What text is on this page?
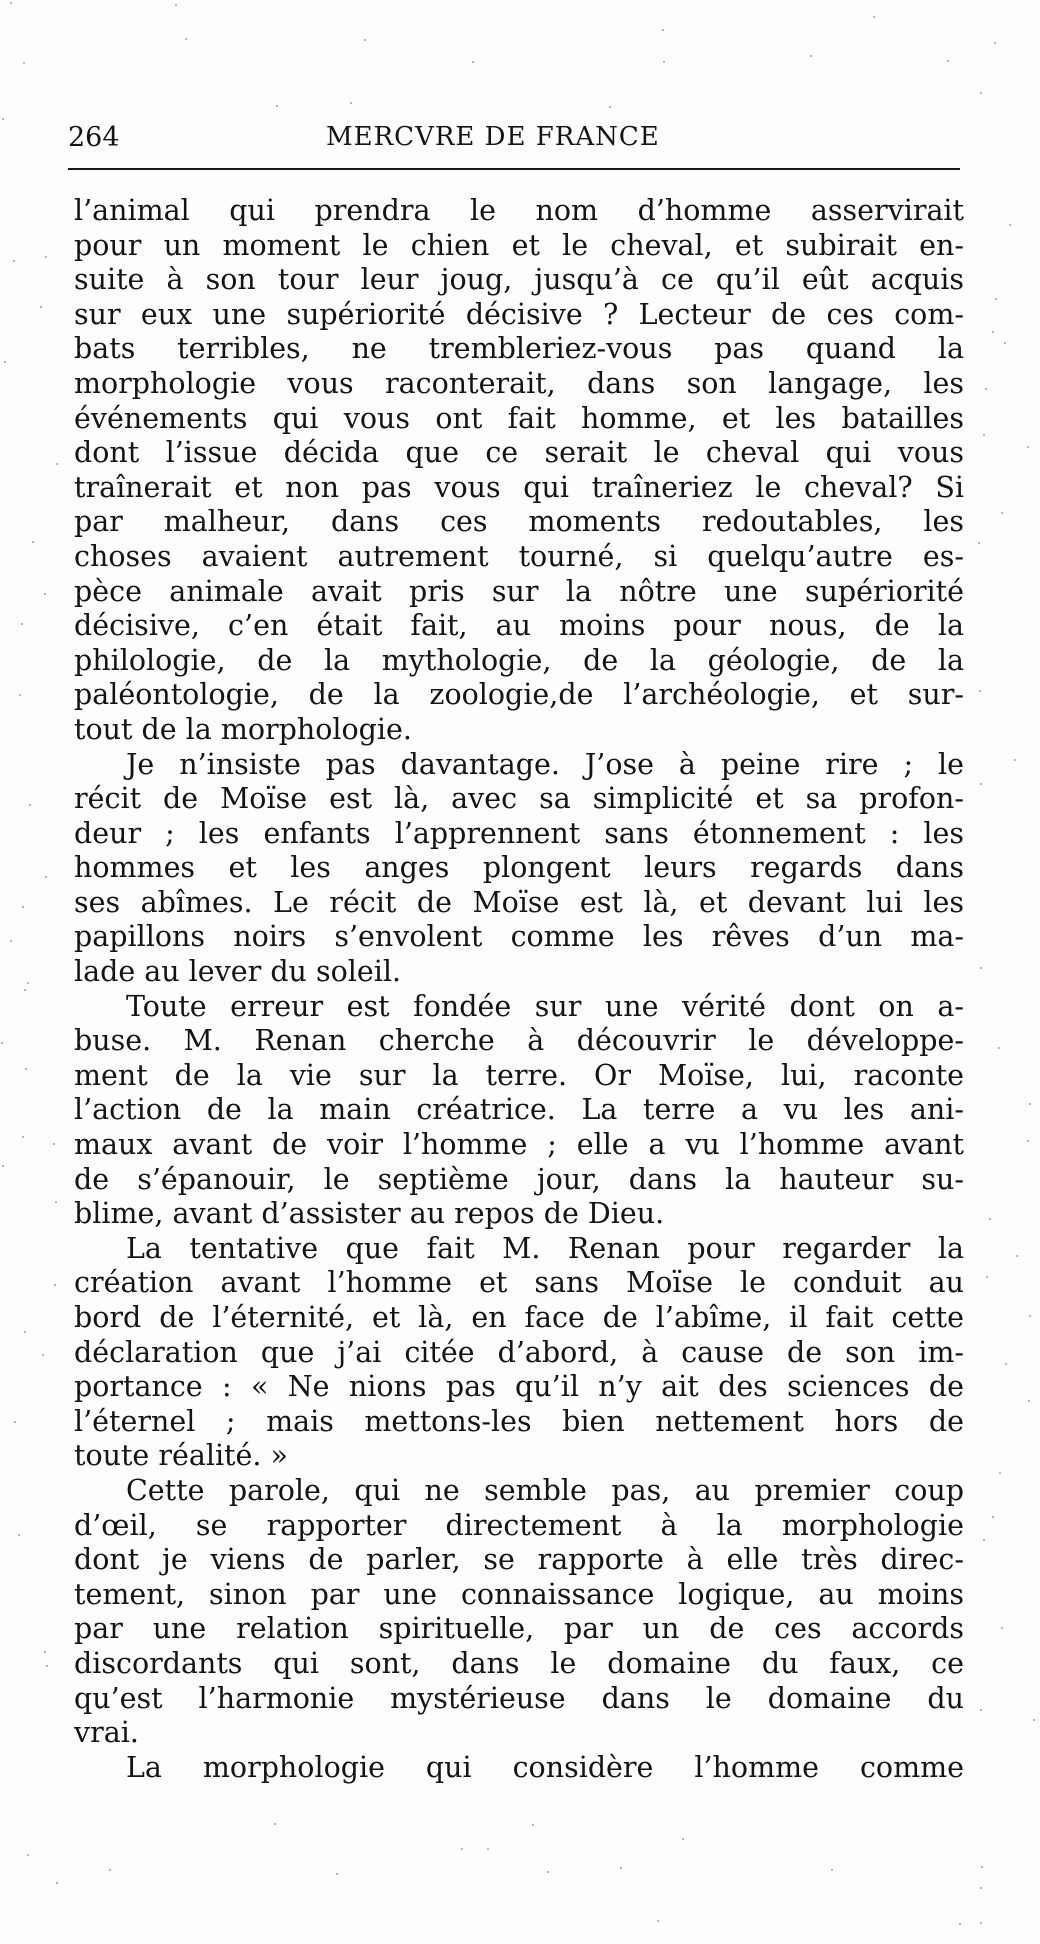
264	MERCVRE DE FRANCE
l’animal qui prendra le nom d’homme asservirait
pour un moment le chien et le cheval, et subirait en-
suite à son tour leur joug, jusqu’à ce qu’il eût acquis
sur eux une supériorité décisive ? Lecteur de ces com-
bats terribles, ne trembleriez-vous pas quand la
morphologie vous raconterait, dans son langage, les
événements qui vous ont fait homme, et les batailles
dont l’issue décida que ce serait le cheval qui vous
traînerait et non pas vous qui traîneriez le cheval? Si
par malheur, dans ces moments redoutables, les
choses avaient autrement tourné, si quelqu’autre es-
pèce animale avait pris sur la nôtre une supériorité
décisive, c’en était fait, au moins pour nous, de la
philologie, de la mythologie, de la géologie, de la
paléontologie, de la zoologie,de l’archéologie, et sur-
tout de la morphologie.
Je n’insiste pas davantage. J’ose à peine rire ; le
récit de Moïse est là, avec sa simplicité et sa profon-
deur ; les enfants l’apprennent sans étonnement : les
hommes et les anges plongent leurs regards dans
ses abîmes. Le récit de Moïse est là, et devant lui les
papillons noirs s’envolent comme les rêves d’un ma-
lade au lever du soleil.
Toute erreur est fondée sur une vérité dont on a-
buse. M. Renan cherche à découvrir le développe-
ment de la vie sur la terre. Or Moïse, lui, raconte
l’action de la main créatrice. La terre a vu les ani-
maux avant de voir l’homme ; elle a vu l’homme avant
de s’épanouir, le septième jour, dans la hauteur su-
blime, avant d’assister au repos de Dieu.
La tentative que fait M. Renan pour regarder la
création avant l’homme et sans Moïse le conduit au
bord de l’éternité, et là, en face de l’abîme, il fait cette
déclaration que j’ai citée d’abord, à cause de son im-
portance : « Ne nions pas qu’il n’y ait des sciences de
l’éternel ; mais mettons-les bien nettement hors de
toute réalité. »
Cette parole, qui ne semble pas, au premier coup
d’œil, se rapporter directement à la morphologie
dont je viens de parler, se rapporte à elle très direc-
tement, sinon par une connaissance logique, au moins
par une relation spirituelle, par un de ces accords
discordants qui sont, dans le domaine du faux, ce
qu’est l’harmonie mystérieuse dans le domaine du
vrai.
La morphologie qui considère l’homme comme
